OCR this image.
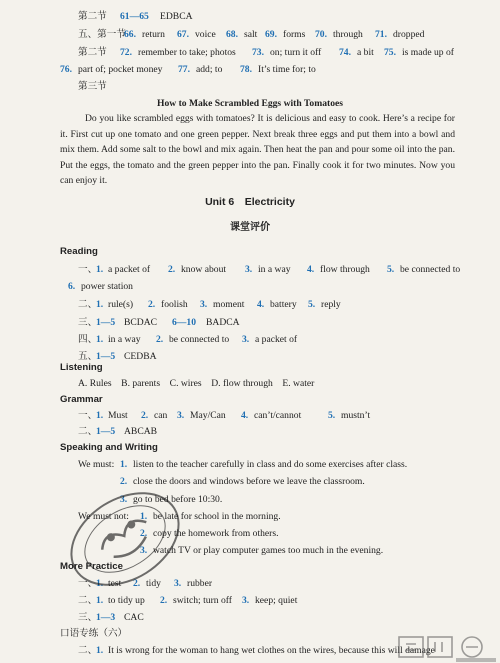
第二节 61—65 EDBCA
五、第一节
66. return 67. voice 68. salt 69. forms 70. through 71. dropped
第二节 72. remember to take; photos 73. on; turn it off 74. a bit 75. is made up of
76. part of; pocket money 77. add; to 78. It’s time for; to
第三节
How to Make Scrambled Eggs with Tomatoes
Do you like scrambled eggs with tomatoes? It is delicious and easy to cook. Here’s a recipe for it. First cut up one tomato and one green pepper. Next break three eggs and put them into a bowl and mix them. Add some salt to the bowl and mix again. Then heat the pan and pour some oil into the pan. Put the eggs, the tomato and the green pepper into the pan. Finally cook it for two minutes. Now you can enjoy it.
Unit 6　Electricity
课堂评价
Reading
一、
1. a packet of 2. know about 3. in a way 4. flow through 5. be connected to
6. power station
二、
1. rule(s) 2. foolish 3. moment 4. battery 5. reply
三、
1—5 BCDAC 6—10 BADCA
四、
1. in a way 2. be connected to 3. a packet of
五、
1—5 CEDBA
Listening
A. Rules　B. parents　C. wires　D. flow through　E. water
Grammar
一、
1. Must 2. can 3. May/Can 4. can’t/cannot	5. mustn’t
二、
1—5 ABCAB
Speaking and Writing
We must: 1. listen to the teacher carefully in class and do some exercises after class.
2. close the doors and windows before we leave the classroom.
3. go to bed before 10:30.
We must not: 1. be late for school in the morning.
2. copy the homework from others.
3. watch TV or play computer games too much in the evening.
More Practice
一、
1. test 2. tidy 3. rubber
二、
1. to tidy up 2. switch; turn off 3. keep; quiet
三、
1—3 CAC
口语专练（六）
二、
1. It is wrong for the woman to hang wet clothes on the wires, because this will damage
